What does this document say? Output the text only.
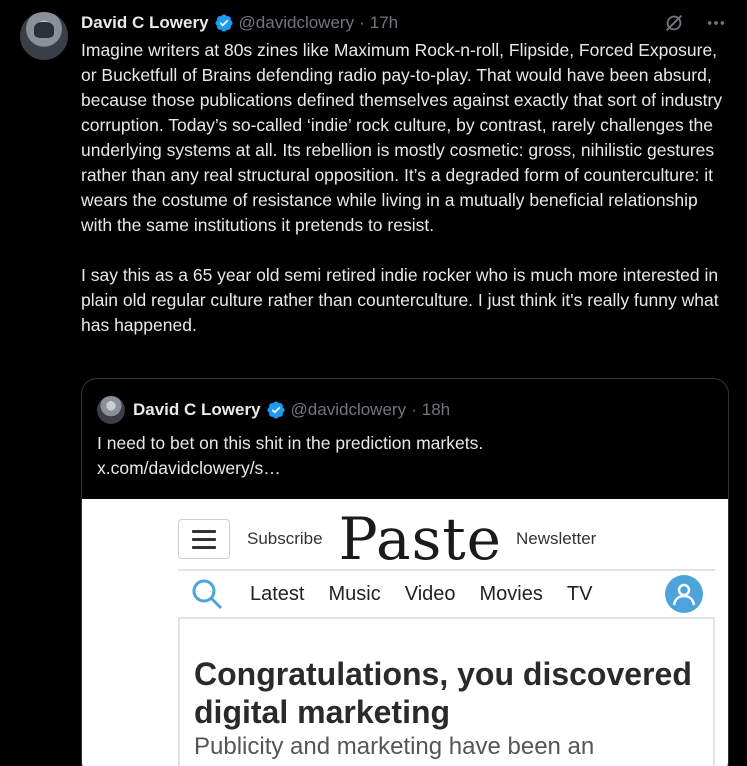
David C Lowery @davidclowery · 17h
Imagine writers at 80s zines like Maximum Rock-n-roll, Flipside, Forced Exposure, or Bucketfull of Brains defending radio pay-to-play. That would have been absurd, because those publications defined themselves against exactly that sort of industry corruption. Today’s so-called ‘indie’ rock culture, by contrast, rarely challenges the underlying systems at all. Its rebellion is mostly cosmetic: gross, nihilistic gestures rather than any real structural opposition. It’s a degraded form of counterculture: it wears the costume of resistance while living in a mutually beneficial relationship with the same institutions it pretends to resist.

I say this as a 65 year old semi retired indie rocker who is much more interested in plain old regular culture rather than counterculture. I just think it's really funny what has happened.
David C Lowery @davidclowery · 18h
I need to bet on this shit in the prediction markets.
x.com/davidclowery/s…
Subscribe Paste Newsletter
Latest Music Video Movies TV
Congratulations, you discovered digital marketing
Publicity and marketing have been an
